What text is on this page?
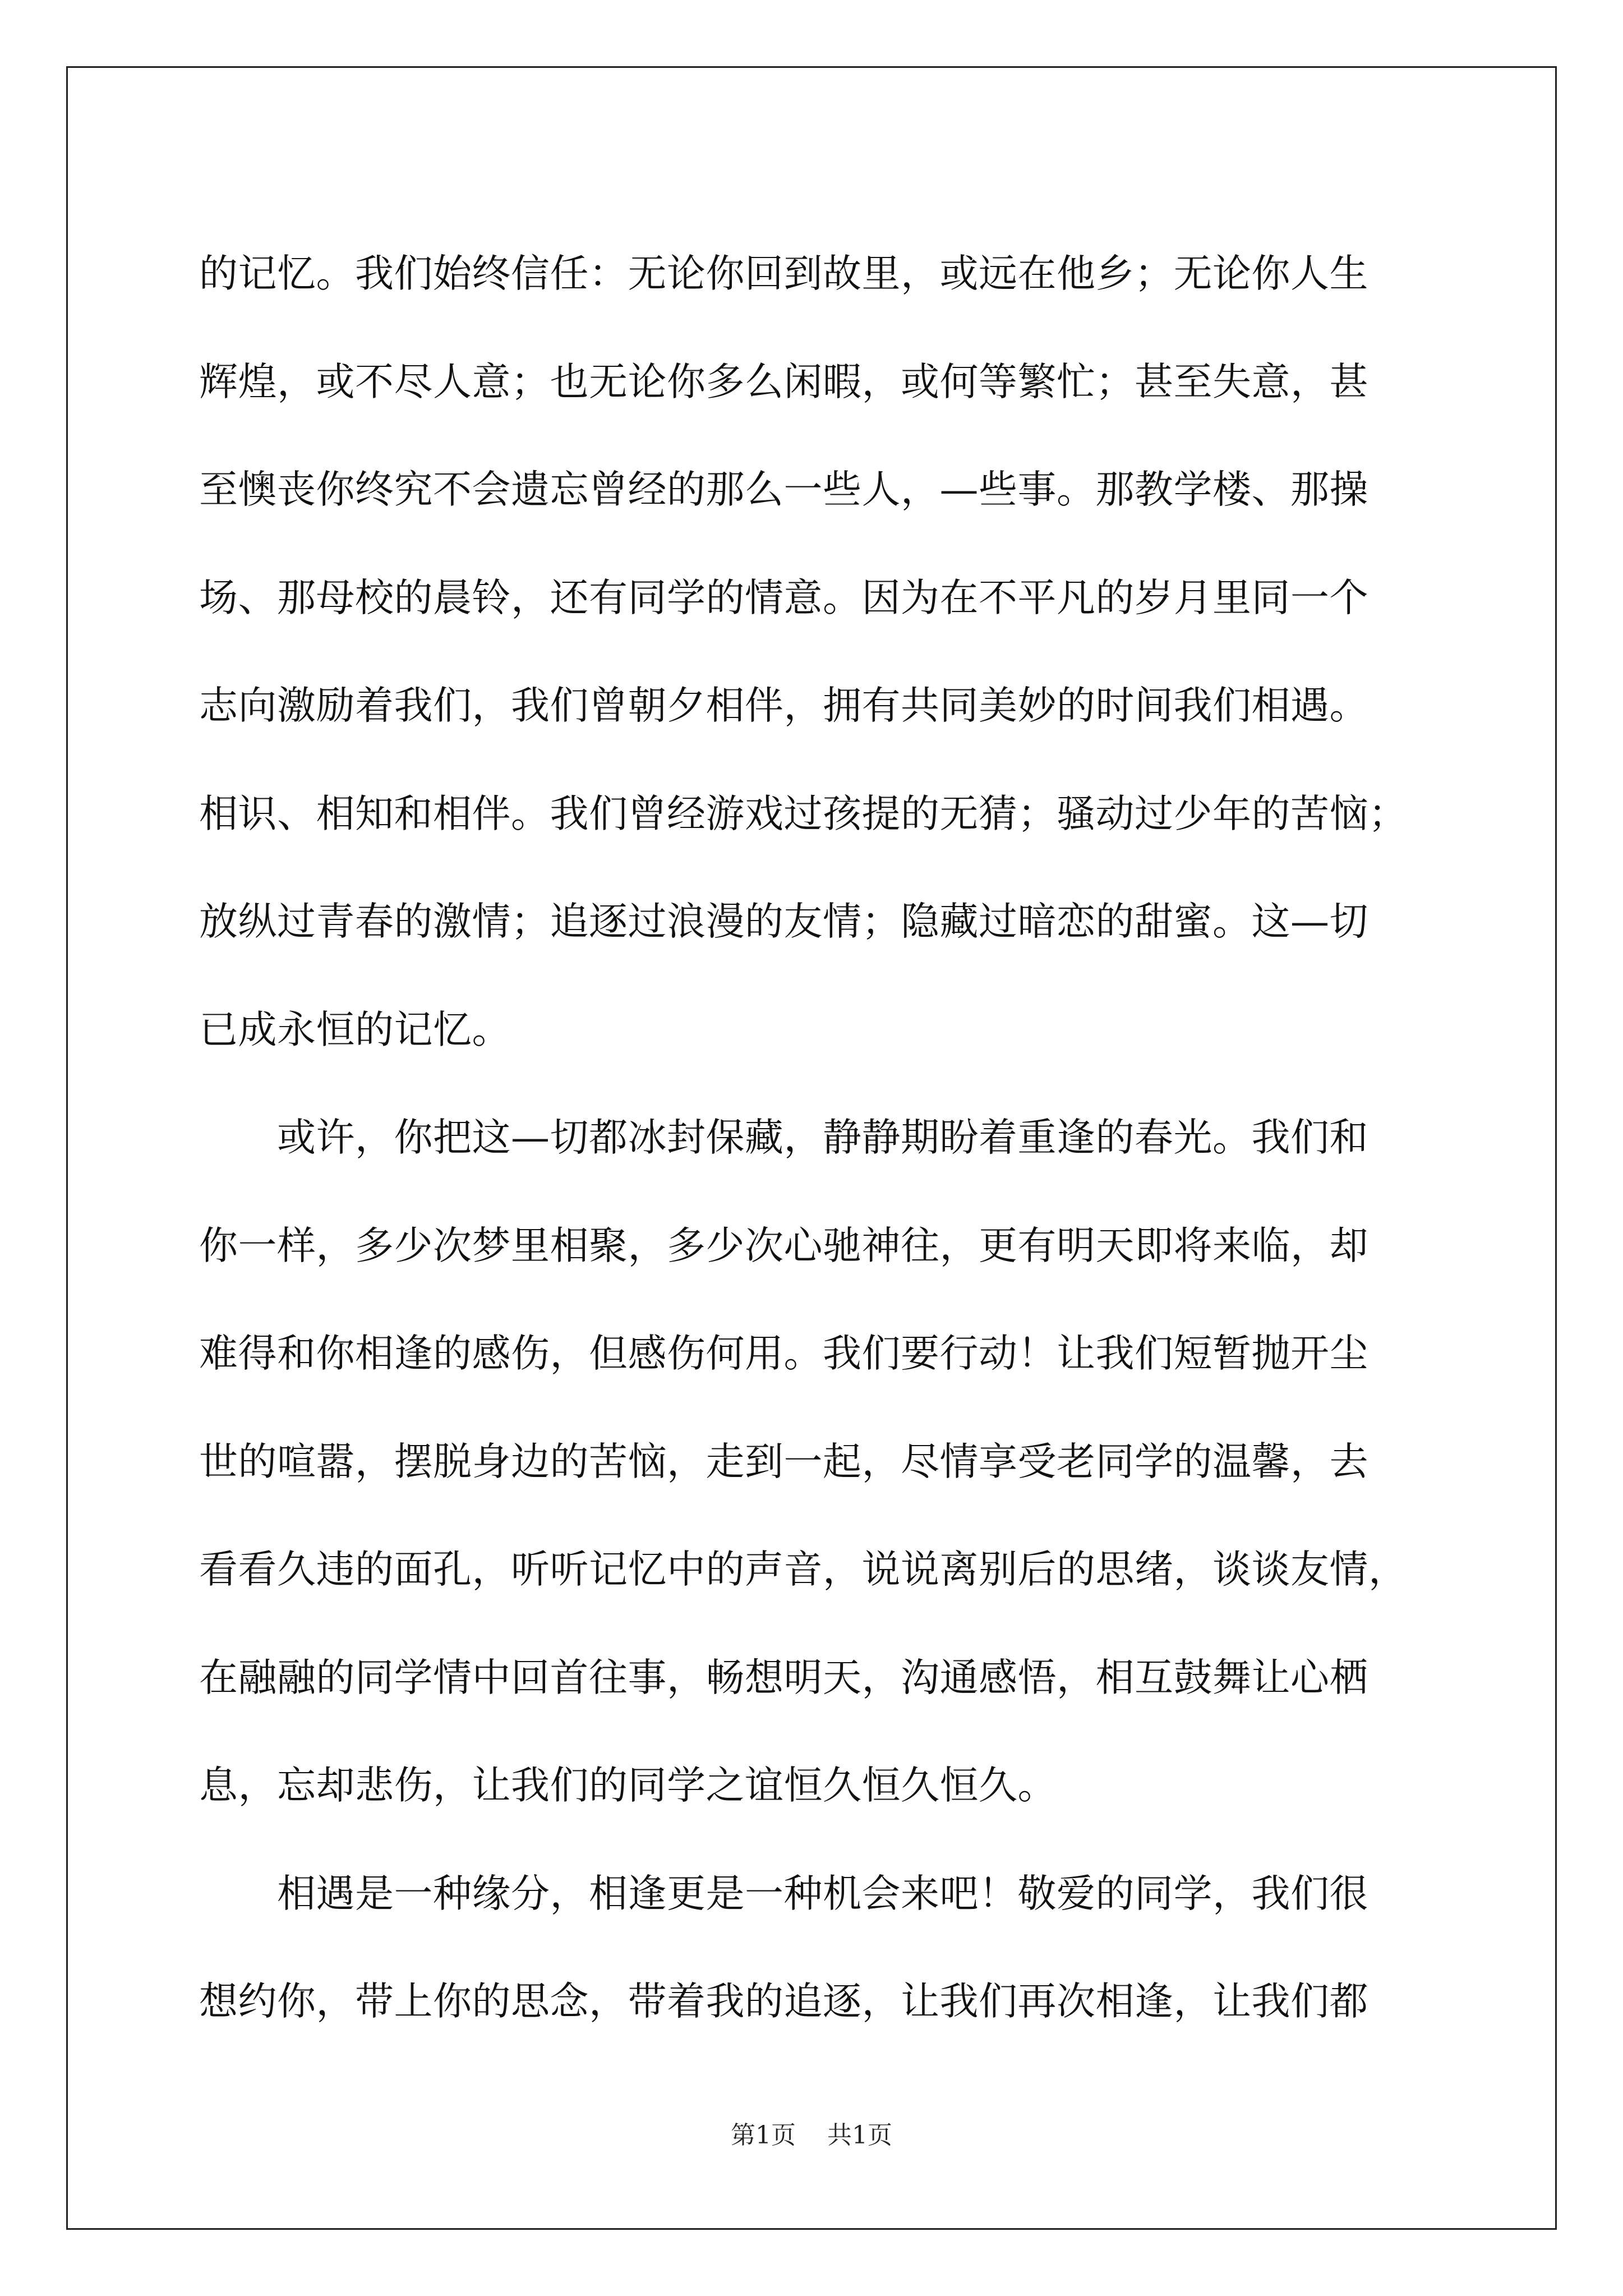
的记忆。我们始终信任：无论你回到故里，或远在他乡；无论你人生
辉煌，或不尽人意；也无论你多么闲暇，或何等繁忙；甚至失意，甚
至懊丧你终究不会遗忘曾经的那么一些人，—些事。那教学楼、那操
场、那母校的晨铃，还有同学的情意。因为在不平凡的岁月里同一个
志向激励着我们，我们曾朝夕相伴，拥有共同美妙的时间我们相遇。
相识、相知和相伴。我们曾经游戏过孩提的无猜；骚动过少年的苦恼；
放纵过青春的激情；追逐过浪漫的友情；隐藏过暗恋的甜蜜。这—切
已成永恒的记忆。
　　或许，你把这—切都冰封保藏，静静期盼着重逢的春光。我们和
你一样，多少次梦里相聚，多少次心驰神往，更有明天即将来临，却
难得和你相逢的感伤，但感伤何用。我们要行动！让我们短暂抛开尘
世的喧嚣，摆脱身边的苦恼，走到一起，尽情享受老同学的温馨，去
看看久违的面孔，听听记忆中的声音，说说离别后的思绪，谈谈友情，
在融融的同学情中回首往事，畅想明天，沟通感悟，相互鼓舞让心栖
息，忘却悲伤，让我们的同学之谊恒久恒久恒久。
　　相遇是一种缘分，相逢更是一种机会来吧！敬爱的同学，我们很
想约你，带上你的思念，带着我的追逐，让我们再次相逢，让我们都
第1页 共1页
